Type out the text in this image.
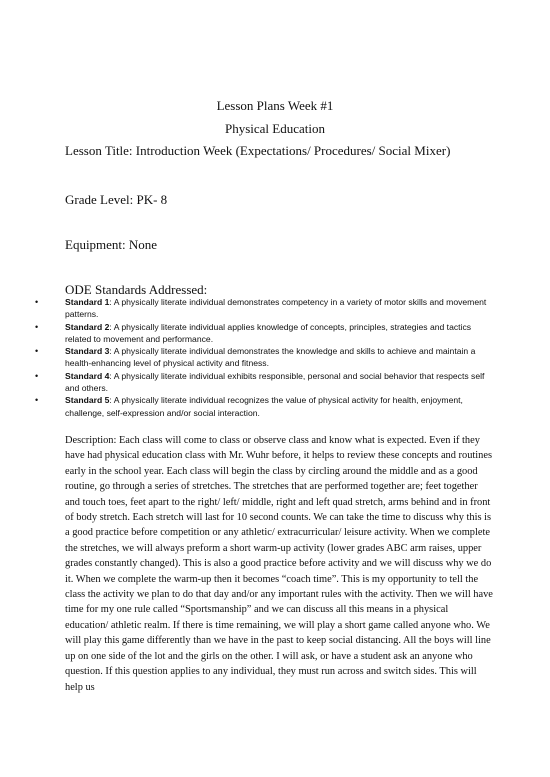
Lesson Plans Week #1
Physical Education
Lesson Title: Introduction Week (Expectations/ Procedures/ Social Mixer)
Grade Level: PK- 8
Equipment: None
ODE Standards Addressed:
•	Standard 1: A physically literate individual demonstrates competency in a variety of motor skills and movement patterns.
•	Standard 2: A physically literate individual applies knowledge of concepts, principles, strategies and tactics related to movement and performance.
•	Standard 3: A physically literate individual demonstrates the knowledge and skills to achieve and maintain a health-enhancing level of physical activity and fitness.
•	Standard 4: A physically literate individual exhibits responsible, personal and social behavior that respects self and others.
•	Standard 5: A physically literate individual recognizes the value of physical activity for health, enjoyment, challenge, self-expression and/or social interaction.

Description: Each class will come to class or observe class and know what is expected. Even if they have had physical education class with Mr. Wuhr before, it helps to review these concepts and routines early in the school year. Each class will begin the class by circling around the middle and as a good routine, go through a series of stretches. The stretches that are performed together are; feet together and touch toes, feet apart to the right/ left/ middle, right and left quad stretch, arms behind and in front of body stretch. Each stretch will last for 10 second counts. We can take the time to discuss why this is a good practice before competition or any athletic/ extracurricular/ leisure activity. When we complete the stretches, we will always preform a short warm-up activity (lower grades ABC arm raises, upper grades constantly changed). This is also a good practice before activity and we will discuss why we do it. When we complete the warm-up then it becomes “coach time”. This is my opportunity to tell the class the activity we plan to do that day and/or any important rules with the activity. Then we will have time for my one rule called “Sportsmanship” and we can discuss all this means in a physical education/ athletic realm. If there is time remaining, we will play a short game called anyone who. We will play this game differently than we have in the past to keep social distancing. All the boys will line up on one side of the lot and the girls on the other. I will ask, or have a student ask an anyone who question. If this question applies to any individual, they must run across and switch sides. This will help us
